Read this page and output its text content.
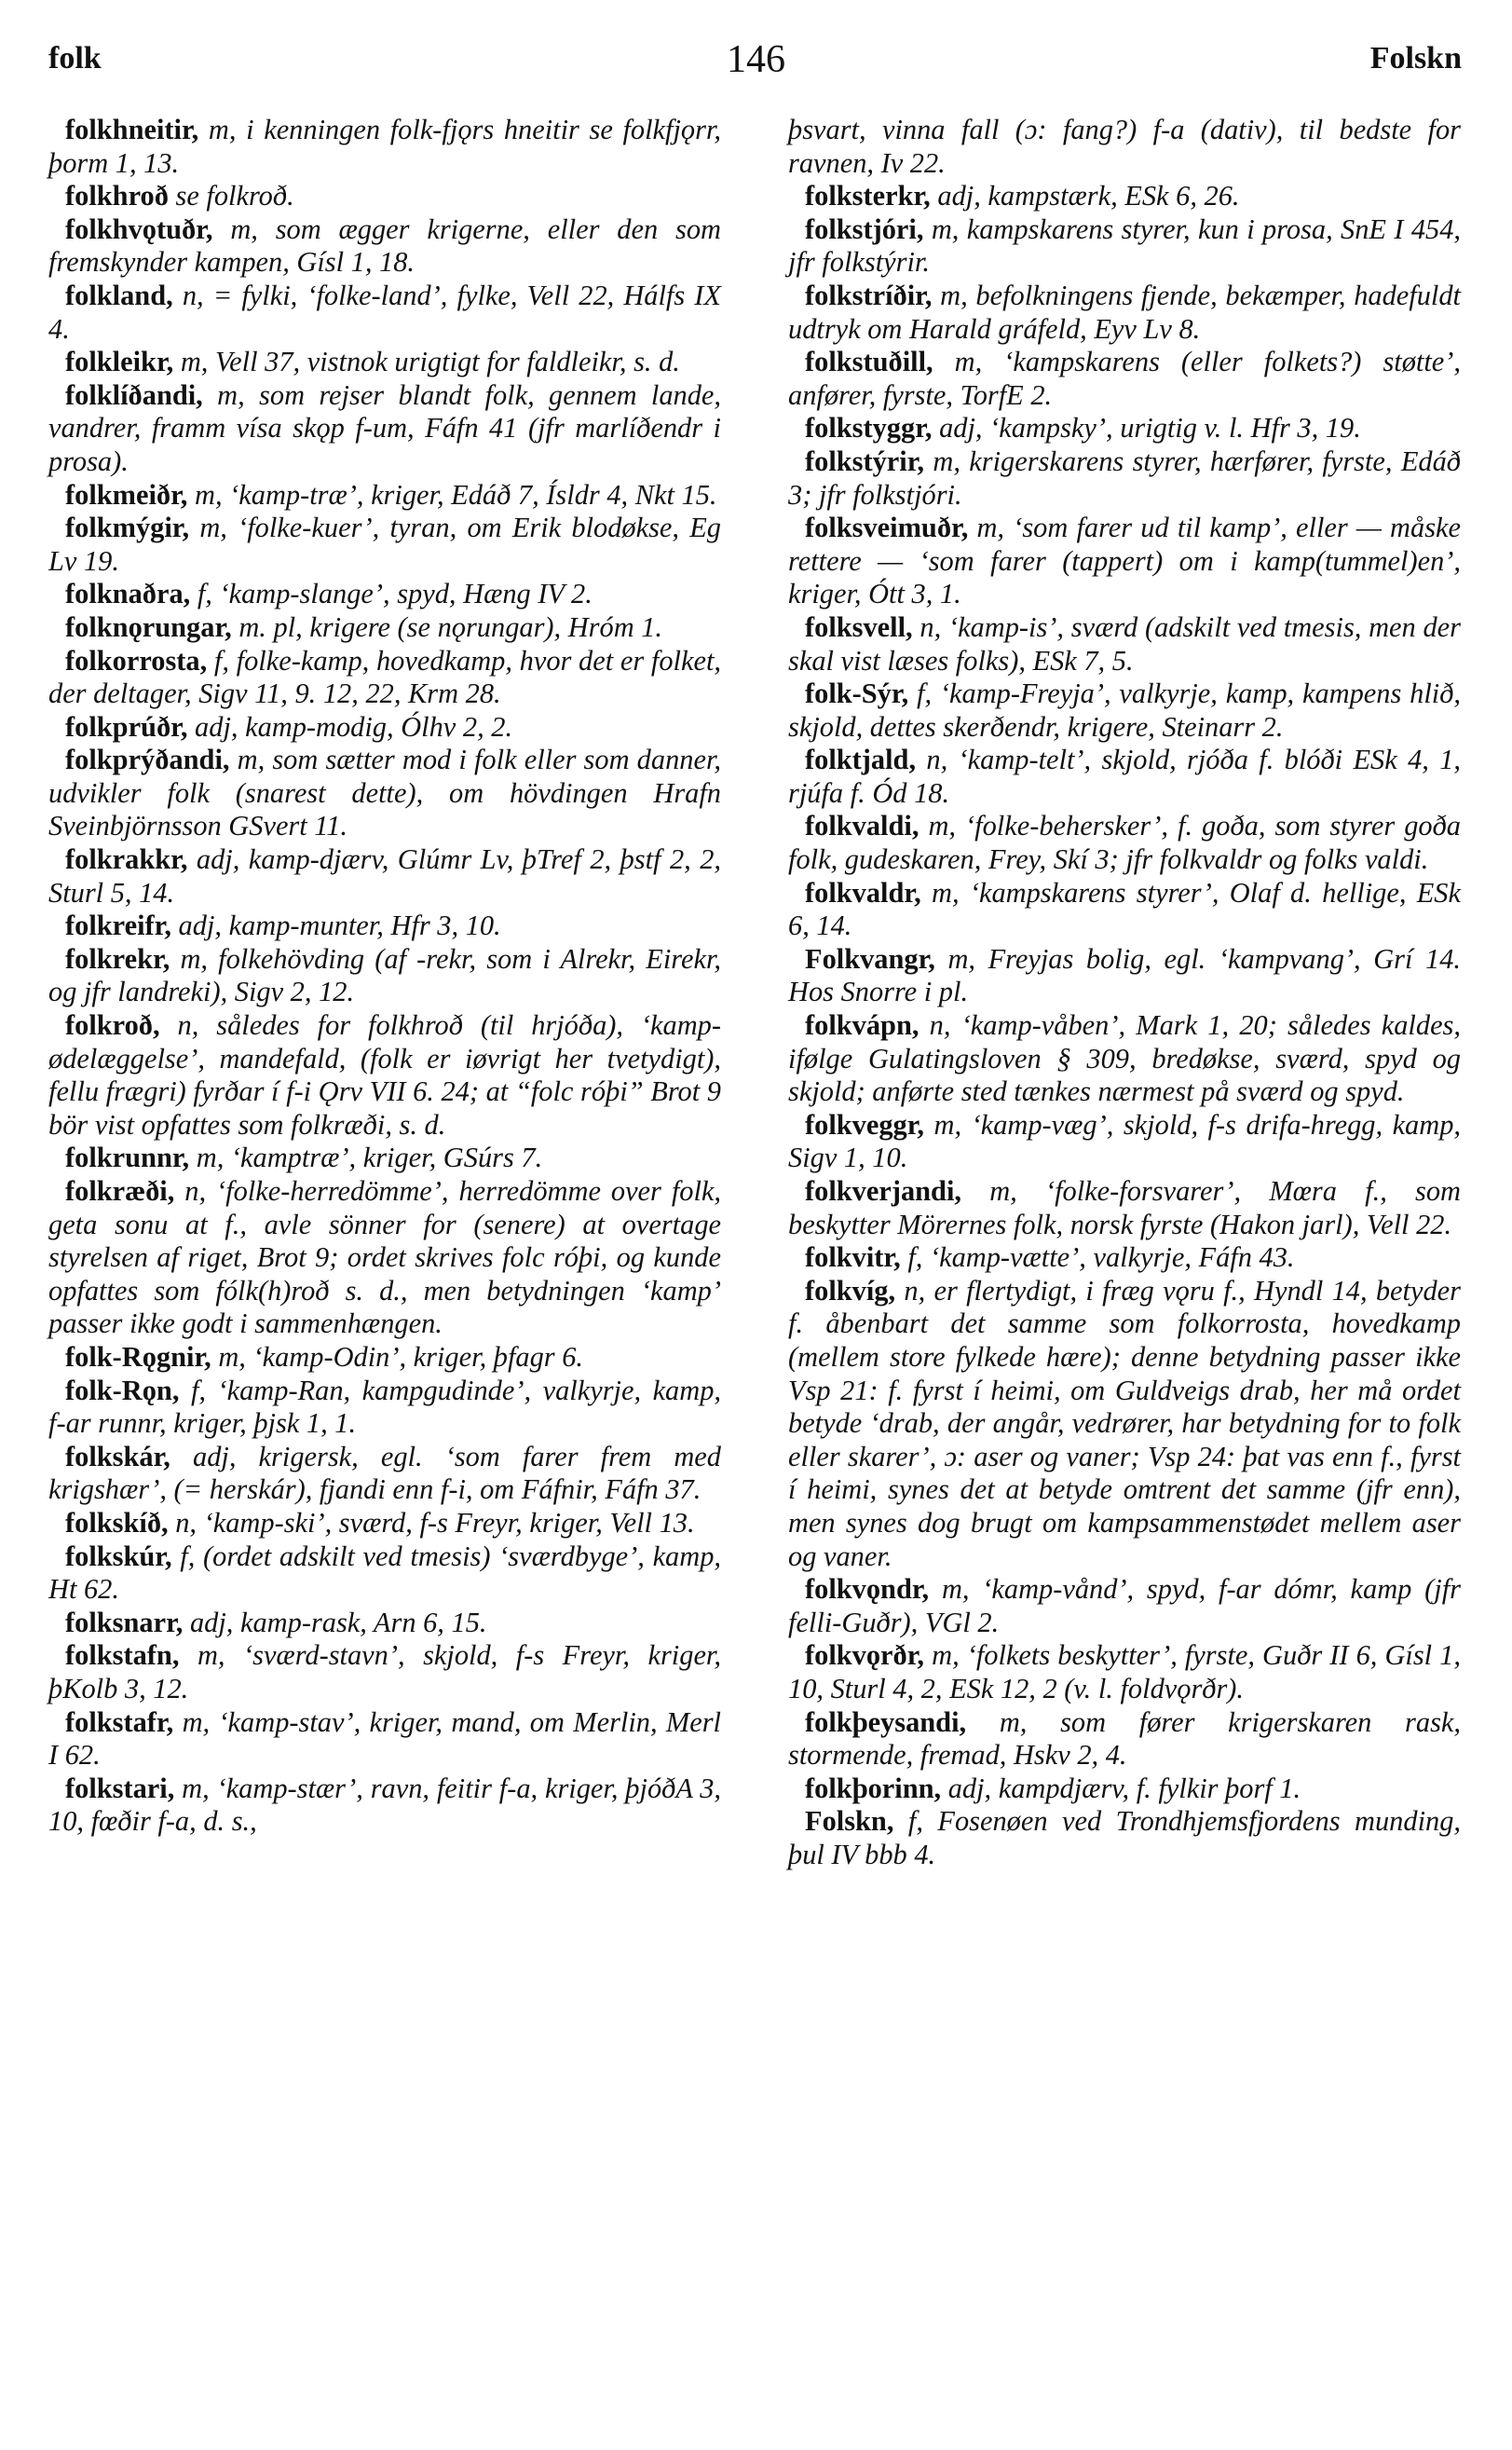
folk	146	Folskn

folkhneitir, m, i kenningen folk-fjǫrs hneitir se folkfjǫrr, þorm 1, 13.

folkhroð se folkroð.

folkhvǫtuðr, m, som ægger krigerne, eller den som fremskynder kampen, Gísl 1, 18.

folkland, n, = fylki, ‘folke-land’, fylke, Vell 22, Hálfs IX 4.

folkleikr, m, Vell 37, vistnok urigtigt for faldleikr, s. d.

folklíðandi, m, som rejser blandt folk, gennem lande, vandrer, framm vísa skǫp f-um, Fáfn 41 (jfr marlíðendr i prosa).

folkmeiðr, m, ‘kamp-træ’, kriger, Edáð 7, Ísldr 4, Nkt 15.

folkmýgir, m, ‘folke-kuer’, tyran, om Erik blodøkse, Eg Lv 19.

folknaðra, f, ‘kamp-slange’, spyd, Hæng IV 2.

folknǫrungar, m. pl, krigere (se nǫrungar), Hróm 1.

folkorrosta, f, folke-kamp, hovedkamp, hvor det er folket, der deltager, Sigv 11, 9. 12, 22, Krm 28.

folkprúðr, adj, kamp-modig, Ólhv 2, 2.

folkprýðandi, m, som sætter mod i folk eller som danner, udvikler folk (snarest dette), om hövdingen Hrafn Sveinbjörnsson GSvert 11.

folkrakkr, adj, kamp-djærv, Glúmr Lv, þTref 2, þstf 2, 2, Sturl 5, 14.

folkreifr, adj, kamp-munter, Hfr 3, 10.

folkrekr, m, folkehövding (af -rekr, som i Alrekr, Eirekr, og jfr landreki), Sigv 2, 12.

folkroð, n, således for folkhroð (til hrjóða), ‘kamp-ødelæggelse’, mandefald, (folk er iøvrigt her tvetydigt), fellu frægri) fyrðar í f-i Ǫrv VII 6. 24; at “folc róþi” Brot 9 bör vist opfattes som folkræði, s. d.

folkrunnr, m, ‘kamptræ’, kriger, GSúrs 7.

folkræði, n, ‘folke-herredömme’, herredömme over folk, geta sonu at f., avle sönner for (senere) at overtage styrelsen af riget, Brot 9; ordet skrives folc róþi, og kunde opfattes som fólk(h)roð s. d., men betydningen ‘kamp’ passer ikke godt i sammenhængen.

folk-Rǫgnir, m, ‘kamp-Odin’, kriger, þfagr 6.

folk-Rǫn, f, ‘kamp-Ran, kampgudinde’, valkyrje, kamp, f-ar runnr, kriger, þjsk 1, 1.

folkskár, adj, krigersk, egl. ‘som farer frem med krigshær’, (= herskár), fjandi enn f-i, om Fáfnir, Fáfn 37.

folkskíð, n, ‘kamp-ski’, sværd, f-s Freyr, kriger, Vell 13.

folkskúr, f, (ordet adskilt ved tmesis) ‘sværdbyge’, kamp, Ht 62.

folksnarr, adj, kamp-rask, Arn 6, 15.

folkstafn, m, ‘sværd-stavn’, skjold, f-s Freyr, kriger, þKolb 3, 12.

folkstafr, m, ‘kamp-stav’, kriger, mand, om Merlin, Merl I 62.

folkstari, m, ‘kamp-stær’, ravn, feitir f-a, kriger, þjóðA 3, 10, fœðir f-a, d. s.,

þsvart, vinna fall (ɔ: fang?) f-a (dativ), til bedste for ravnen, Iv 22.

folksterkr, adj, kampstærk, ESk 6, 26.

folkstjóri, m, kampskarens styrer, kun i prosa, SnE I 454, jfr folkstýrir.

folkstríðir, m, befolkningens fjende, bekæmper, hadefuldt udtryk om Harald gráfeld, Eyv Lv 8.

folkstuðill, m, ‘kampskarens (eller folkets?) støtte’, anfører, fyrste, TorfE 2.

folkstyggr, adj, ‘kampsky’, urigtig v. l. Hfr 3, 19.

folkstýrir, m, krigerskarens styrer, hærfører, fyrste, Edáð 3; jfr folkstjóri.

folksveimuðr, m, ‘som farer ud til kamp’, eller — måske rettere — ‘som farer (tappert) om i kamp(tummel)en’, kriger, Ótt 3, 1.

folksvell, n, ‘kamp-is’, sværd (adskilt ved tmesis, men der skal vist læses folks), ESk 7, 5.

folk-Sýr, f, ‘kamp-Freyja’, valkyrje, kamp, kampens hlið, skjold, dettes skerðendr, krigere, Steinarr 2.

folktjald, n, ‘kamp-telt’, skjold, rjóða f. blóði ESk 4, 1, rjúfa f. Ód 18.

folkvaldi, m, ‘folke-behersker’, f. goða, som styrer goða folk, gudeskaren, Frey, Skí 3; jfr folkvaldr og folks valdi.

folkvaldr, m, ‘kampskarens styrer’, Olaf d. hellige, ESk 6, 14.

Folkvangr, m, Freyjas bolig, egl. ‘kampvang’, Grí 14. Hos Snorre i pl.

folkvápn, n, ‘kamp-våben’, Mark 1, 20; således kaldes, ifølge Gulatingsloven § 309, bredøkse, sværd, spyd og skjold; anførte sted tænkes nærmest på sværd og spyd.

folkveggr, m, ‘kamp-væg’, skjold, f-s drifa-hregg, kamp, Sigv 1, 10.

folkverjandi, m, ‘folke-forsvarer’, Mœra f., som beskytter Mörernes folk, norsk fyrste (Hakon jarl), Vell 22.

folkvitr, f, ‘kamp-vætte’, valkyrje, Fáfn 43.

folkvíg, n, er flertydigt, i fræg vǫru f., Hyndl 14, betyder f. åbenbart det samme som folkorrosta, hovedkamp (mellem store fylkede hære); denne betydning passer ikke Vsp 21: f. fyrst í heimi, om Guldveigs drab, her må ordet betyde ‘drab, der angår, vedrører, har betydning for to folk eller skarer’, ɔ: aser og vaner; Vsp 24: þat vas enn f., fyrst í heimi, synes det at betyde omtrent det samme (jfr enn), men synes dog brugt om kampsammenstødet mellem aser og vaner.

folkvǫndr, m, ‘kamp-vånd’, spyd, f-ar dómr, kamp (jfr felli-Guðr), VGl 2.

folkvǫrðr, m, ‘folkets beskytter’, fyrste, Guðr II 6, Gísl 1, 10, Sturl 4, 2, ESk 12, 2 (v. l. foldvǫrðr).

folkþeysandi, m, som fører krigerskaren rask, stormende, fremad, Hskv 2, 4.

folkþorinn, adj, kampdjærv, f. fylkir þorf 1.

Folskn, f, Fosenøen ved Trondhjemsfjordens munding, þul IV bbb 4.
